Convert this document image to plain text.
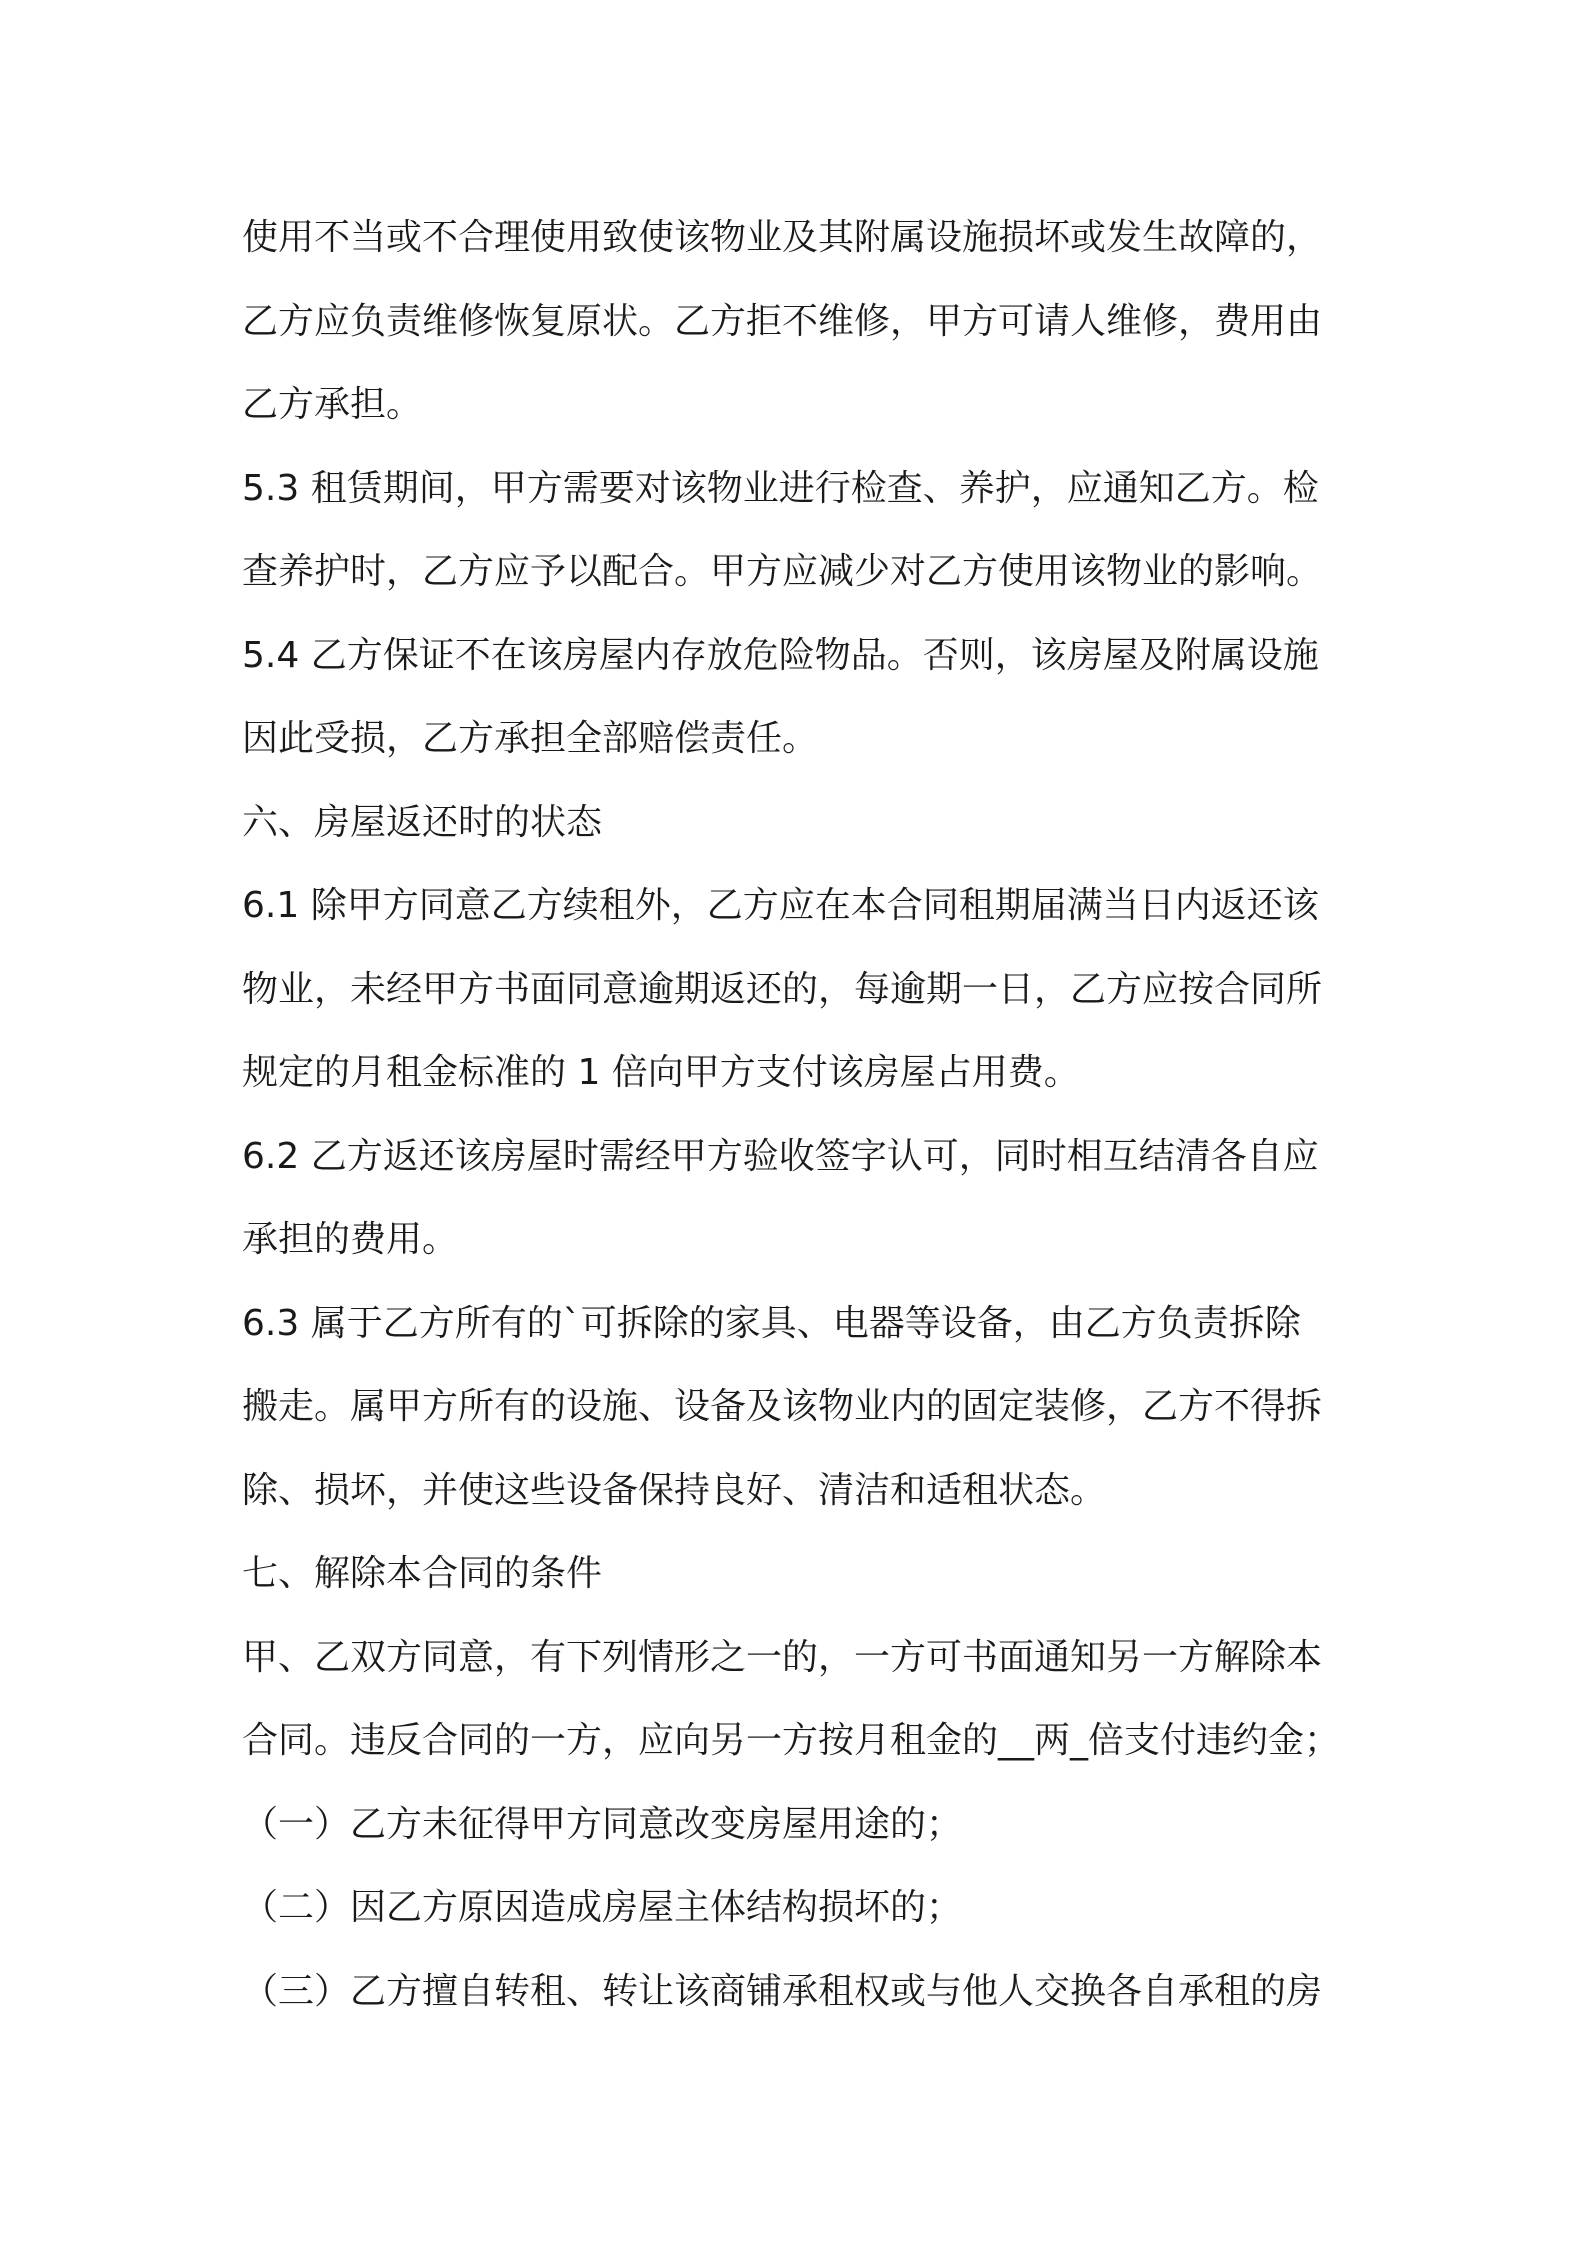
使用不当或不合理使用致使该物业及其附属设施损坏或发生故障的，
乙方应负责维修恢复原状。乙方拒不维修，甲方可请人维修，费用由
乙方承担。
5.3 租赁期间，甲方需要对该物业进行检查、养护，应通知乙方。检
查养护时，乙方应予以配合。甲方应减少对乙方使用该物业的影响。
5.4 乙方保证不在该房屋内存放危险物品。否则，该房屋及附属设施
因此受损，乙方承担全部赔偿责任。
六、房屋返还时的状态
6.1 除甲方同意乙方续租外，乙方应在本合同租期届满当日内返还该
物业，未经甲方书面同意逾期返还的，每逾期一日，乙方应按合同所
规定的月租金标准的 1 倍向甲方支付该房屋占用费。
6.2 乙方返还该房屋时需经甲方验收签字认可，同时相互结清各自应
承担的费用。
6.3 属于乙方所有的`可拆除的家具、电器等设备，由乙方负责拆除
搬走。属甲方所有的设施、设备及该物业内的固定装修，乙方不得拆
除、损坏，并使这些设备保持良好、清洁和适租状态。
七、解除本合同的条件
甲、乙双方同意，有下列情形之一的，一方可书面通知另一方解除本
合同。违反合同的一方，应向另一方按月租金的__两_倍支付违约金；
（一）乙方未征得甲方同意改变房屋用途的；
（二）因乙方原因造成房屋主体结构损坏的；
（三）乙方擅自转租、转让该商铺承租权或与他人交换各自承租的房
